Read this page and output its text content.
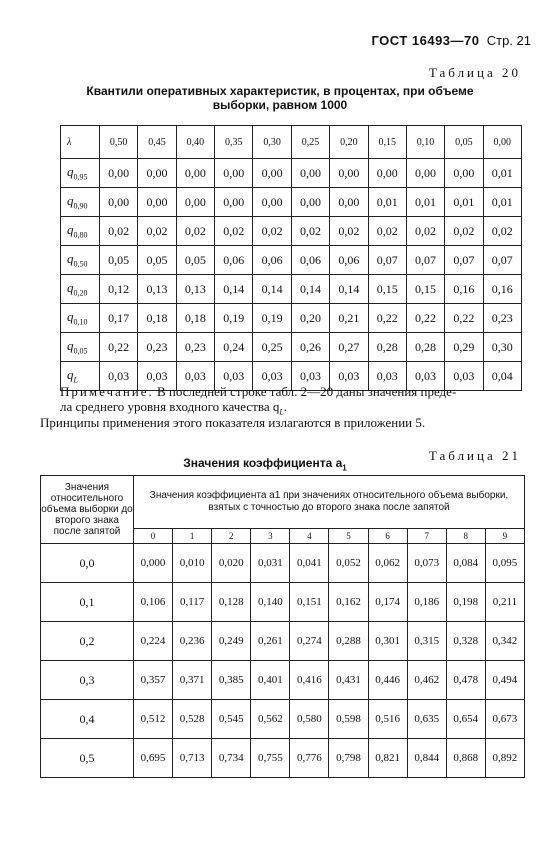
ГОСТ 16493—70 Стр. 21
Таблица 20
Квантили оперативных характеристик, в процентах, при объеме выборки, равном 1000
λ	0,50	0,45	0,40	0,35	0,30	0,25	0,20	0,15	0,10	0,05	0,00
$q_{0,95}$	0,00	0,00	0,00	0,00	0,00	0,00	0,00	0,00	0,00	0,00	0,01
$q_{0,90}$	0,00	0,00	0,00	0,00	0,00	0,00	0,00	0,01	0,01	0,01	0,01
$q_{0,80}$	0,02	0,02	0,02	0,02	0,02	0,02	0,02	0,02	0,02	0,02	0,02
$q_{0,50}$	0,05	0,05	0,05	0,06	0,06	0,06	0,06	0,07	0,07	0,07	0,07
$q_{0,20}$	0,12	0,13	0,13	0,14	0,14	0,14	0,14	0,15	0,15	0,16	0,16
$q_{0,10}$	0,17	0,18	0,18	0,19	0,19	0,20	0,21	0,22	0,22	0,22	0,23
$q_{0,05}$	0,22	0,23	0,23	0,24	0,25	0,26	0,27	0,28	0,28	0,29	0,30
$q_L$	0,03	0,03	0,03	0,03	0,03	0,03	0,03	0,03	0,03	0,03	0,04
Примечание. В последней строке табл. 2—20 даны значения преде-
ла среднего уровня входного качества $q_L$.
Принципы применения этого показателя излагаются в приложении 5.
Таблица 21
Значения коэффициента $a_1$
Значения относительного объема выборки до второго знака после запятой	Значения коэффициента a1 при значениях относительного объема выборки, взятых с точностью до второго знака после запятой									
	0	1	2	3	4	5	6	7	8	9
0,0	0,000	0,010	0,020	0,031	0,041	0,052	0,062	0,073	0,084	0,095
0,1	0,106	0,117	0,128	0,140	0,151	0,162	0,174	0,186	0,198	0,211
0,2	0,224	0,236	0,249	0,261	0,274	0,288	0,301	0,315	0,328	0,342
0,3	0,357	0,371	0,385	0,401	0,416	0,431	0,446	0,462	0,478	0,494
0,4	0,512	0,528	0,545	0,562	0,580	0,598	0,516	0,635	0,654	0,673
0,5	0,695	0,713	0,734	0,755	0,776	0,798	0,821	0,844	0,868	0,892
